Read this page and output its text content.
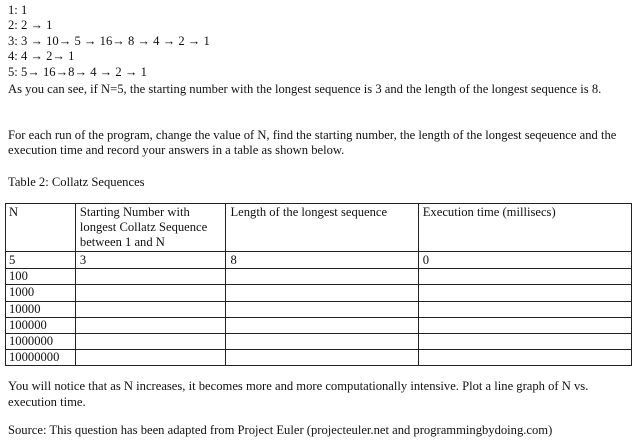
1: 1
2: 2 → 1
3: 3 → 10→ 5 → 16→ 8 → 4 → 2 → 1
4: 4 → 2→ 1
5: 5→ 16→8→ 4 → 2 → 1
As you can see, if N=5, the starting number with the longest sequence is 3 and the length of the longest sequence is 8.
For each run of the program, change the value of N, find the starting number, the length of the longest seqeuence and the execution time and record your answers in a table as shown below.
Table 2: Collatz Sequences
N	Starting Number with longest Collatz Sequence between 1 and N	Length of the longest sequence	Execution time (millisecs)
5	3	8	0
100			
1000			
10000			
100000			
1000000			
10000000			
You will notice that as N increases, it becomes more and more computationally intensive. Plot a line graph of N vs. execution time.
Source: This question has been adapted from Project Euler (projecteuler.net and programmingbydoing.com)
